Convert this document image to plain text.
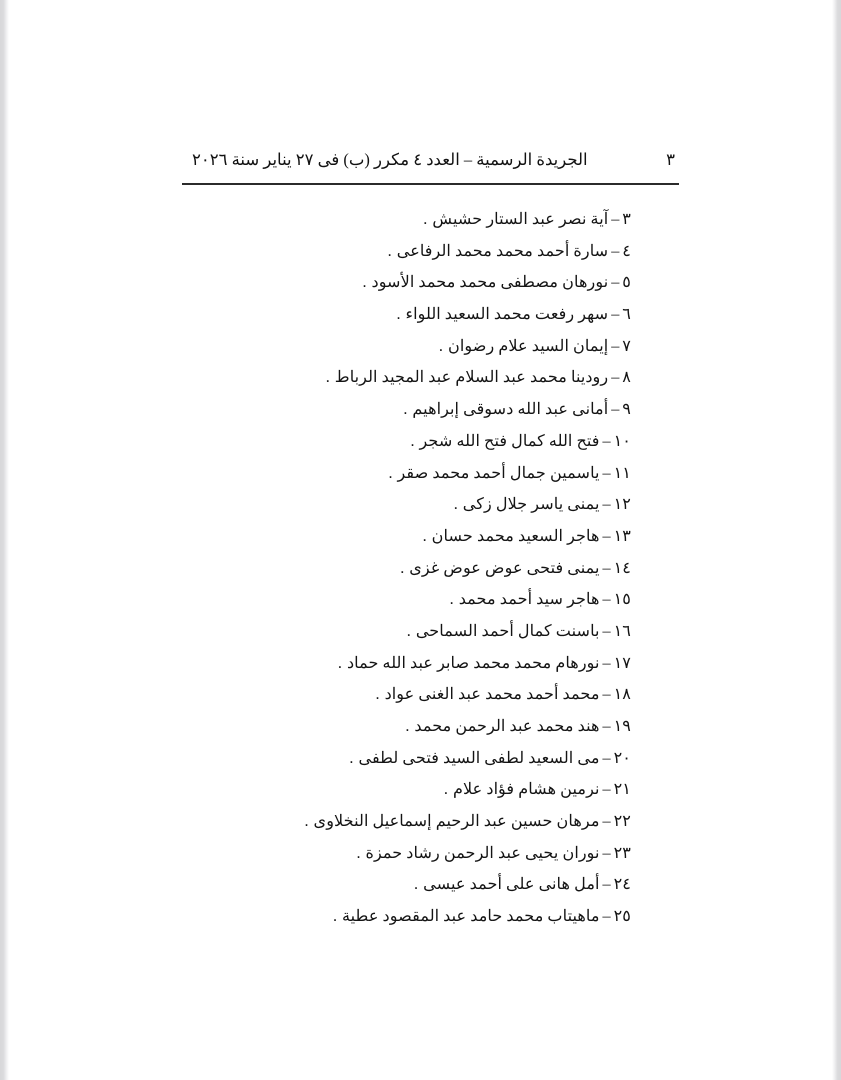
الجريدة الرسمية – العدد ٤ مكرر (ب) فى ٢٧ يناير سنة ٢٠٢٦	٣
٣–آية نصر عبد الستار حشيش.
٤–سارة أحمد محمد محمد الرفاعى.
٥–نورهان مصطفى محمد محمد الأسود.
٦–سهر رفعت محمد السعيد اللواء.
٧–إيمان السيد علام رضوان.
٨–رودينا محمد عبد السلام عبد المجيد الرباط.
٩–أمانى عبد الله دسوقى إبراهيم.
١٠–فتح الله كمال فتح الله شجر.
١١–ياسمين جمال أحمد محمد صقر.
١٢–يمنى ياسر جلال زكى.
١٣–هاجر السعيد محمد حسان.
١٤–يمنى فتحى عوض عوض غزى.
١٥–هاجر سيد أحمد محمد.
١٦–باسنت كمال أحمد السماحى.
١٧–نورهام محمد محمد صابر عبد الله حماد.
١٨–محمد أحمد محمد عبد الغنى عواد.
١٩–هند محمد عبد الرحمن محمد.
٢٠–مى السعيد لطفى السيد فتحى لطفى.
٢١–نرمين هشام فؤاد علام.
٢٢–مرهان حسين عبد الرحيم إسماعيل النخلاوى.
٢٣–نوران يحيى عبد الرحمن رشاد حمزة.
٢٤–أمل هانى على أحمد عيسى.
٢٥–ماهيتاب محمد حامد عبد المقصود عطية.
